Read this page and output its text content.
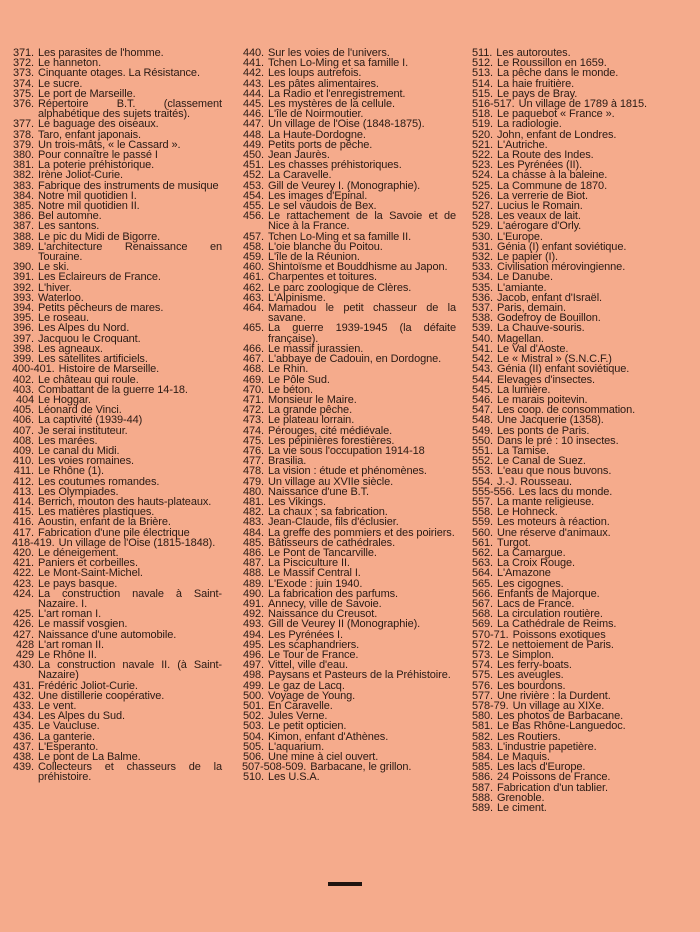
371. Les parasites de l'homme.
372. Le hanneton.
373. Cinquante otages. La Résistance.
374. Le sucre.
375. Le port de Marseille.
376. Répertoire B.T. (classement alphabétique des sujets traités).
377. Le baguage des oiseaux.
378. Taro, enfant japonais.
379. Un trois-mâts, « le Cassard ».
380. Pour connaître le passé I
381. La poterie préhistorique.
382. Irène Joliot-Curie.
383. Fabrique des instruments de musique
384. Notre mil quotidien I.
385. Notre mil quotidien II.
386. Bel automne.
387. Les santons.
388. Le pic du Midi de Bigorre.
389. L'architecture Renaissance en Touraine.
390. Le ski.
391. Les Eclaireurs de France.
392. L'hiver.
393. Waterloo.
394. Petits pêcheurs de mares.
395. Le roseau.
396. Les Alpes du Nord.
397. Jacquou le Croquant.
398. Les agneaux.
399. Les satellites artificiels.
400-401. Histoire de Marseille.
402. Le château qui roule.
403. Combattant de la guerre 14-18.
404 Le Hoggar.
405. Léonard de Vinci.
406. La captivité (1939-44)
407. Je serai instituteur.
408. Les marées.
409. Le canal du Midi.
410. Les voies romaines.
411. Le Rhône (1).
412. Les coutumes romandes.
413. Les Olympiades.
414. Berrich, mouton des hauts-plateaux.
415. Les matières plastiques.
416. Aoustin, enfant de la Brière.
417. Fabrication d'une pile électrique
418-419. Un village de l'Oise (1815-1848).
420. Le déneigement.
421. Paniers et corbeilles.
422. Le Mont-Saint-Michel.
423. Le pays basque.
424. La construction navale à Saint-Nazaire. I.
425. L'art roman I.
426. Le massif vosgien.
427. Naissance d'une automobile.
428 L'art roman II.
429 Le Rhône II.
430. La construction navale II. (à Saint-Nazaire)
431. Frédéric Joliot-Curie.
432. Une distillerie coopérative.
433. Le vent.
434. Les Alpes du Sud.
435. Le Vaucluse.
436. La ganterie.
437. L'Esperanto.
438. Le pont de La Balme.
439. Collecteurs et chasseurs de la préhistoire.
440. Sur les voies de l'univers.
441. Tchen Lo-Ming et sa famille I.
442. Les loups autrefois.
443. Les pâtes alimentaires.
444. La Radio et l'enregistrement.
445. Les mystères de la cellule.
446. L'île de Noirmoutier.
447. Un village de l'Oise (1848-1875).
448. La Haute-Dordogne.
449. Petits ports de pêche.
450. Jean Jaurès.
451. Les chasses préhistoriques.
452. La Caravelle.
453. Gill de Veurey I. (Monographie).
454. Les images d'Epinal.
455. Le sel vaudois de Bex.
456. Le rattachement de la Savoie et de Nice à la France.
457. Tchen Lo-Ming et sa famille II.
458. L'oie blanche du Poitou.
459. L'île de la Réunion.
460. Shintoïsme et Bouddhisme au Japon.
461. Charpentes et toitures.
462. Le parc zoologique de Clères.
463. L'Alpinisme.
464. Mamadou le petit chasseur de la savane.
465. La guerre 1939-1945 (la défaite française).
466. Le massif jurassien.
467. L'abbaye de Cadouin, en Dordogne.
468. Le Rhin.
469. Le Pôle Sud.
470. Le béton.
471. Monsieur le Maire.
472. La grande pêche.
473. Le plateau lorrain.
474. Pérouges, cité médiévale.
475. Les pépinières forestières.
476. La vie sous l'occupation 1914-18
477. Brasilia.
478. La vision : étude et phénomènes.
479. Un village au XVIIe siècle.
480. Naissance d'une B.T.
481. Les Vikings.
482. La chaux ; sa fabrication.
483. Jean-Claude, fils d'éclusier.
484. La greffe des pommiers et des poiriers.
485. Bâtisseurs de cathédrales.
486. Le Pont de Tancarville.
487. La Pisciculture II.
488. Le Massif Central I.
489. L'Exode : juin 1940.
490. La fabrication des parfums.
491. Annecy, ville de Savoie.
492. Naissance du Creusot.
493. Gill de Veurey II (Monographie).
494. Les Pyrénées I.
495. Les scaphandriers.
496. Le Tour de France.
497. Vittel, ville d'eau.
498. Paysans et Pasteurs de la Préhistoire.
499. Le gaz de Lacq.
500. Voyage de Young.
501. En Caravelle.
502. Jules Verne.
503. Le petit opticien.
504. Kimon, enfant d'Athènes.
505. L'aquarium.
506. Une mine à ciel ouvert.
507-508-509. Barbacane, le grillon.
510. Les U.S.A.
511. Les autoroutes.
512. Le Roussillon en 1659.
513. La pêche dans le monde.
514. La haie fruitière.
515. Le pays de Bray.
516-517. Un village de 1789 à 1815.
518. Le paquebot « France ».
519. La radiologie.
520. John, enfant de Londres.
521. L'Autriche.
522. La Route des Indes.
523. Les Pyrénées (II).
524. La chasse à la baleine.
525. La Commune de 1870.
526. La verrerie de Biot.
527. Lucius le Romain.
528. Les veaux de lait.
529. L'aérogare d'Orly.
530. L'Europe.
531. Génia (I) enfant soviétique.
532. Le papier (I).
533. Civilisation mérovingienne.
534. Le Danube.
535. L'amiante.
536. Jacob, enfant d'Israël.
537. Paris, demain.
538. Godefroy de Bouillon.
539. La Chauve-souris.
540. Magellan.
541. Le Val d'Aoste.
542. Le « Mistral » (S.N.C.F.)
543. Génia (II) enfant soviétique.
544. Elevages d'insectes.
545. La lumière.
546. Le marais poitevin.
547. Les coop. de consommation.
548. Une Jacquerie (1358).
549. Les ponts de Paris.
550. Dans le pré : 10 insectes.
551. La Tamise.
552. Le Canal de Suez.
553. L'eau que nous buvons.
554. J.-J. Rousseau.
555-556. Les lacs du monde.
557. La mante religieuse.
558. Le Hohneck.
559. Les moteurs à réaction.
560. Une réserve d'animaux.
561. Turgot.
562. La Camargue.
563. La Croix Rouge.
564. L'Amazone
565. Les cigognes.
566. Enfants de Majorque.
567. Lacs de France.
568. La circulation routière.
569. La Cathédrale de Reims.
570-71. Poissons exotiques
572. Le nettoiement de Paris.
573. Le Simplon.
574. Les ferry-boats.
575. Les aveugles.
576. Les bourdons.
577. Une rivière : la Durdent.
578-79. Un village au XIXe.
580. Les photos de Barbacane.
581. Le Bas Rhône-Languedoc.
582. Les Routiers.
583. L'industrie papetière.
584. Le Maquis.
585. Les lacs d'Europe.
586. 24 Poissons de France.
587. Fabrication d'un tablier.
588. Grenoble.
589. Le ciment.
